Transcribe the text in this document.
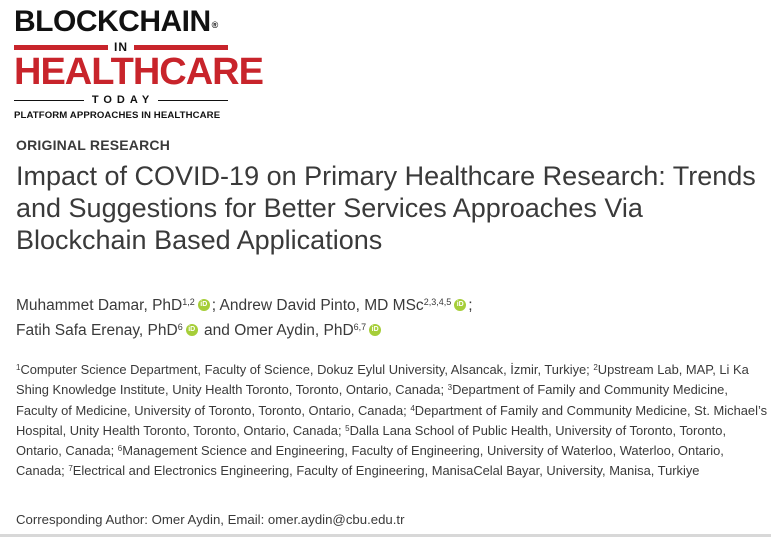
BLOCKCHAIN®
IN
HEALTHCARE
TODAY
PLATFORM APPROACHES IN HEALTHCARE
ORIGINAL RESEARCH
Impact of COVID-19 on Primary Healthcare Research: Trends and Suggestions for Better Services Approaches Via Blockchain Based Applications
Muhammet Damar, PhD$^{1,2}$ iD ; Andrew David Pinto, MD MSc$^{2,3,4,5}$ iD ;
Fatih Safa Erenay, PhD$^6$ iD and Omer Aydin, PhD$^{6,7}$ iD
$^1$Computer Science Department, Faculty of Science, Dokuz Eylul University, Alsancak, İzmir, Turkiye; $^2$Upstream Lab, MAP, Li Ka Shing Knowledge Institute, Unity Health Toronto, Toronto, Ontario, Canada; $^3$Department of Family and Community Medicine, Faculty of Medicine, University of Toronto, Toronto, Ontario, Canada; $^4$Department of Family and Community Medicine, St. Michael’s Hospital, Unity Health Toronto, Toronto, Ontario, Canada; $^5$Dalla Lana School of Public Health, University of Toronto, Toronto, Ontario, Canada; $^6$Management Science and Engineering, Faculty of Engineering, University of Waterloo, Waterloo, Ontario, Canada; $^7$Electrical and Electronics Engineering, Faculty of Engineering, ManisaCelal Bayar, University, Manisa, Turkiye
Corresponding Author: Omer Aydin, Email: omer.aydin@cbu.edu.tr
